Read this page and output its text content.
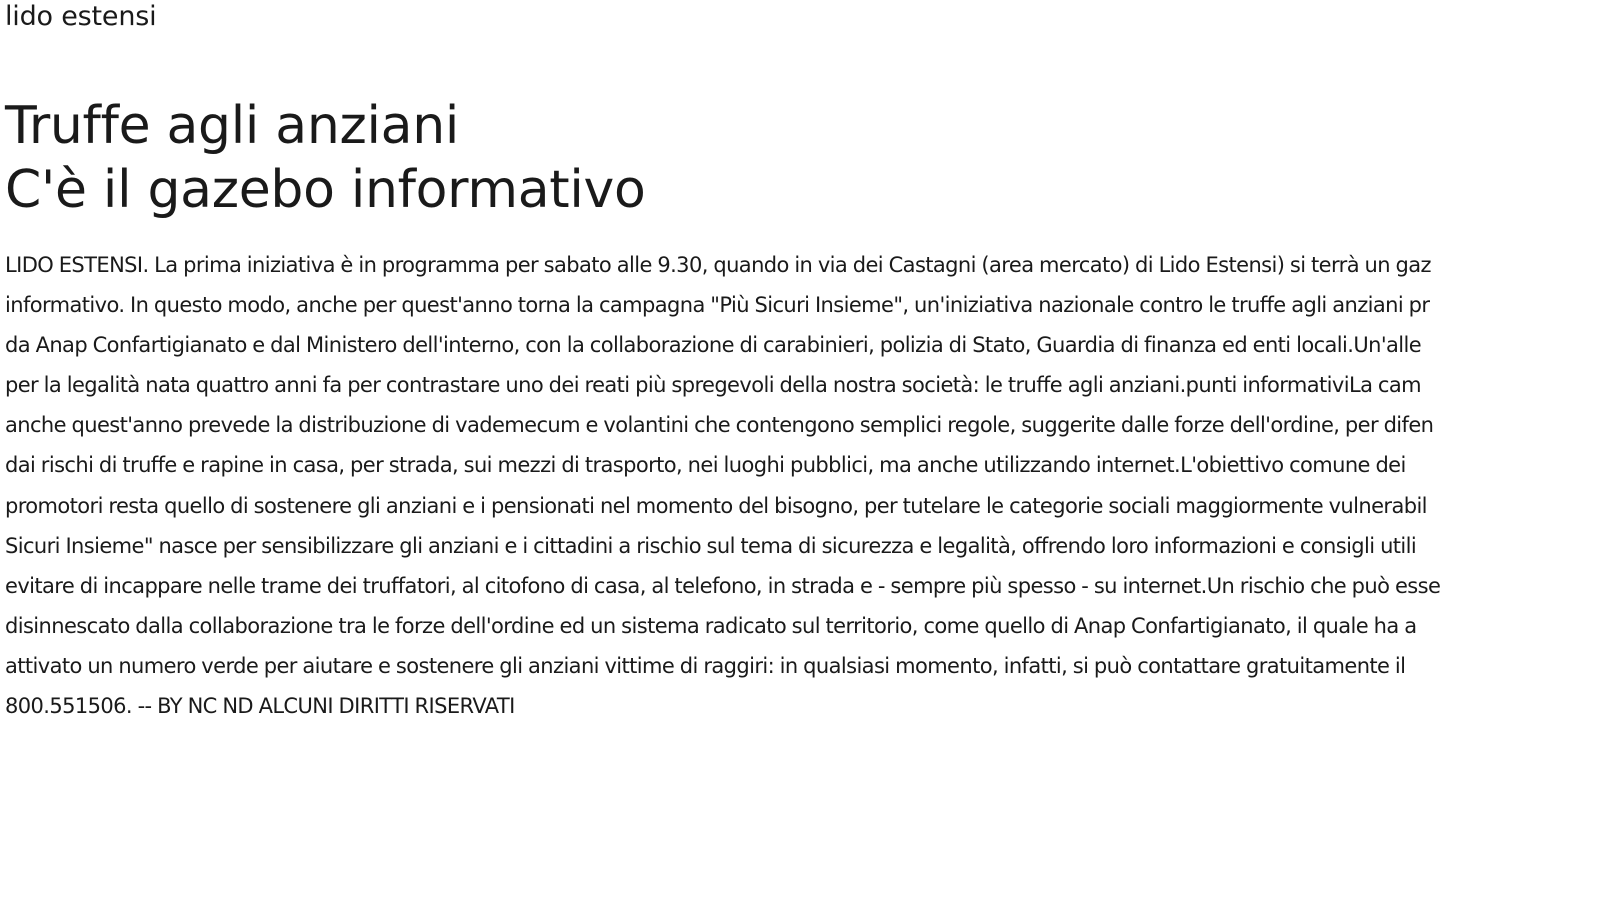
lido estensi
Truffe agli anziani
C'è il gazebo informativo
LIDO ESTENSI. La prima iniziativa è in programma per sabato alle 9.30, quando in via dei Castagni (area mercato) di Lido Estensi) si terrà un gaz
informativo. In questo modo, anche per quest'anno torna la campagna "Più Sicuri Insieme", un'iniziativa nazionale contro le truffe agli anziani pr
da Anap Confartigianato e dal Ministero dell'interno, con la collaborazione di carabinieri, polizia di Stato, Guardia di finanza ed enti locali.Un'alle
per la legalità nata quattro anni fa per contrastare uno dei reati più spregevoli della nostra società: le truffe agli anziani.punti informativiLa cam
anche quest'anno prevede la distribuzione di vademecum e volantini che contengono semplici regole, suggerite dalle forze dell'ordine, per difen
dai rischi di truffe e rapine in casa, per strada, sui mezzi di trasporto, nei luoghi pubblici, ma anche utilizzando internet.L'obiettivo comune dei
promotori resta quello di sostenere gli anziani e i pensionati nel momento del bisogno, per tutelare le categorie sociali maggiormente vulnerabil
Sicuri Insieme" nasce per sensibilizzare gli anziani e i cittadini a rischio sul tema di sicurezza e legalità, offrendo loro informazioni e consigli utili
evitare di incappare nelle trame dei truffatori, al citofono di casa, al telefono, in strada e - sempre più spesso - su internet.Un rischio che può esse
disinnescato dalla collaborazione tra le forze dell'ordine ed un sistema radicato sul territorio, come quello di Anap Confartigianato, il quale ha a
attivato un numero verde per aiutare e sostenere gli anziani vittime di raggiri: in qualsiasi momento, infatti, si può contattare gratuitamente il
800.551506. -- BY NC ND ALCUNI DIRITTI RISERVATI
